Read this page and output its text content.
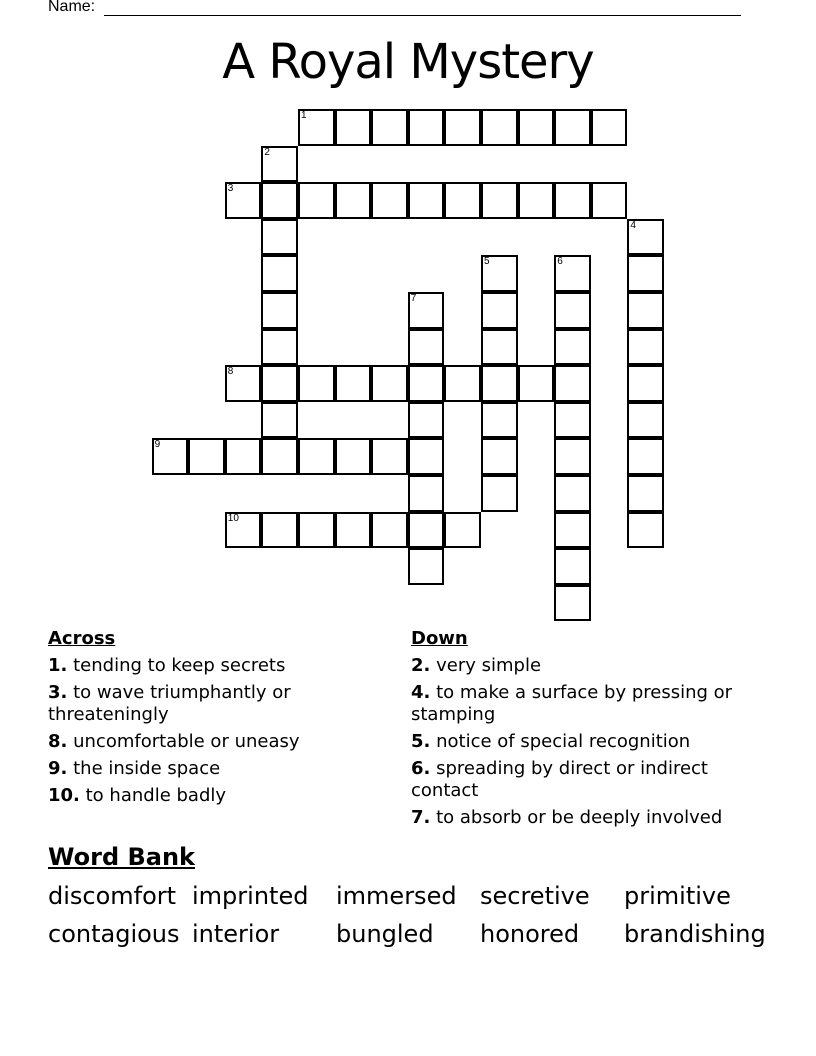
Name:
A Royal Mystery
1
2
3
4
5	6
7
8
9
10
Across
1. tending to keep secrets
3. to wave triumphantly or threateningly
8. uncomfortable or uneasy
9. the inside space
10. to handle badly
Down
2. very simple
4. to make a surface by pressing or stamping
5. notice of special recognition
6. spreading by direct or indirect contact
7. to absorb or be deeply involved
Word Bank
discomfort imprinted	immersed secretive	primitive
contagious interior	bungled	honored	brandishing
